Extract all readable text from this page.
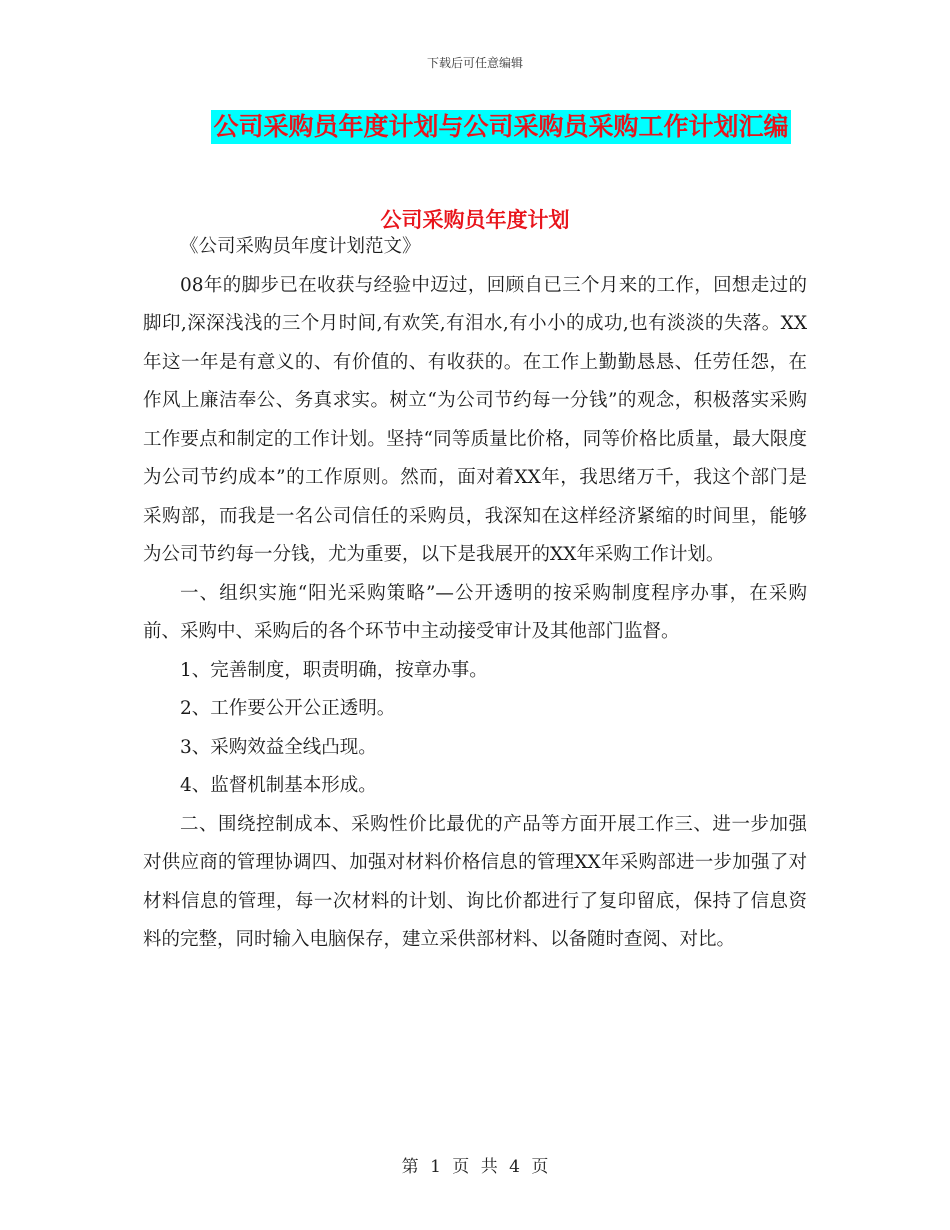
下载后可任意编辑
公司采购员年度计划与公司采购员采购工作计划汇编
公司采购员年度计划

《公司采购员年度计划范文》

08年的脚步已在收获与经验中迈过，回顾自已三个月来的工作，回想走过的脚印,深深浅浅的三个月时间,有欢笑,有泪水,有小小的成功,也有淡淡的失落。XX年这一年是有意义的、有价值的、有收获的。在工作上勤勤恳恳、任劳任怨，在作风上廉洁奉公、务真求实。树立“为公司节约每一分钱”的观念，积极落实采购工作要点和制定的工作计划。坚持“同等质量比价格，同等价格比质量，最大限度为公司节约成本”的工作原则。然而，面对着XX年，我思绪万千，我这个部门是采购部，而我是一名公司信任的采购员，我深知在这样经济紧缩的时间里，能够为公司节约每一分钱，尤为重要，以下是我展开的XX年采购工作计划。

一、组织实施“阳光采购策略”—公开透明的按采购制度程序办事，在采购前、采购中、采购后的各个环节中主动接受审计及其他部门监督。

1、完善制度，职责明确，按章办事。

2、工作要公开公正透明。

3、采购效益全线凸现。

4、监督机制基本形成。

二、围绕控制成本、采购性价比最优的产品等方面开展工作三、进一步加强对供应商的管理协调四、加强对材料价格信息的管理XX年采购部进一步加强了对材料信息的管理，每一次材料的计划、询比价都进行了复印留底，保持了信息资料的完整，同时输入电脑保存，建立采供部材料、以备随时查阅、对比。

第 1 页 共 4 页
